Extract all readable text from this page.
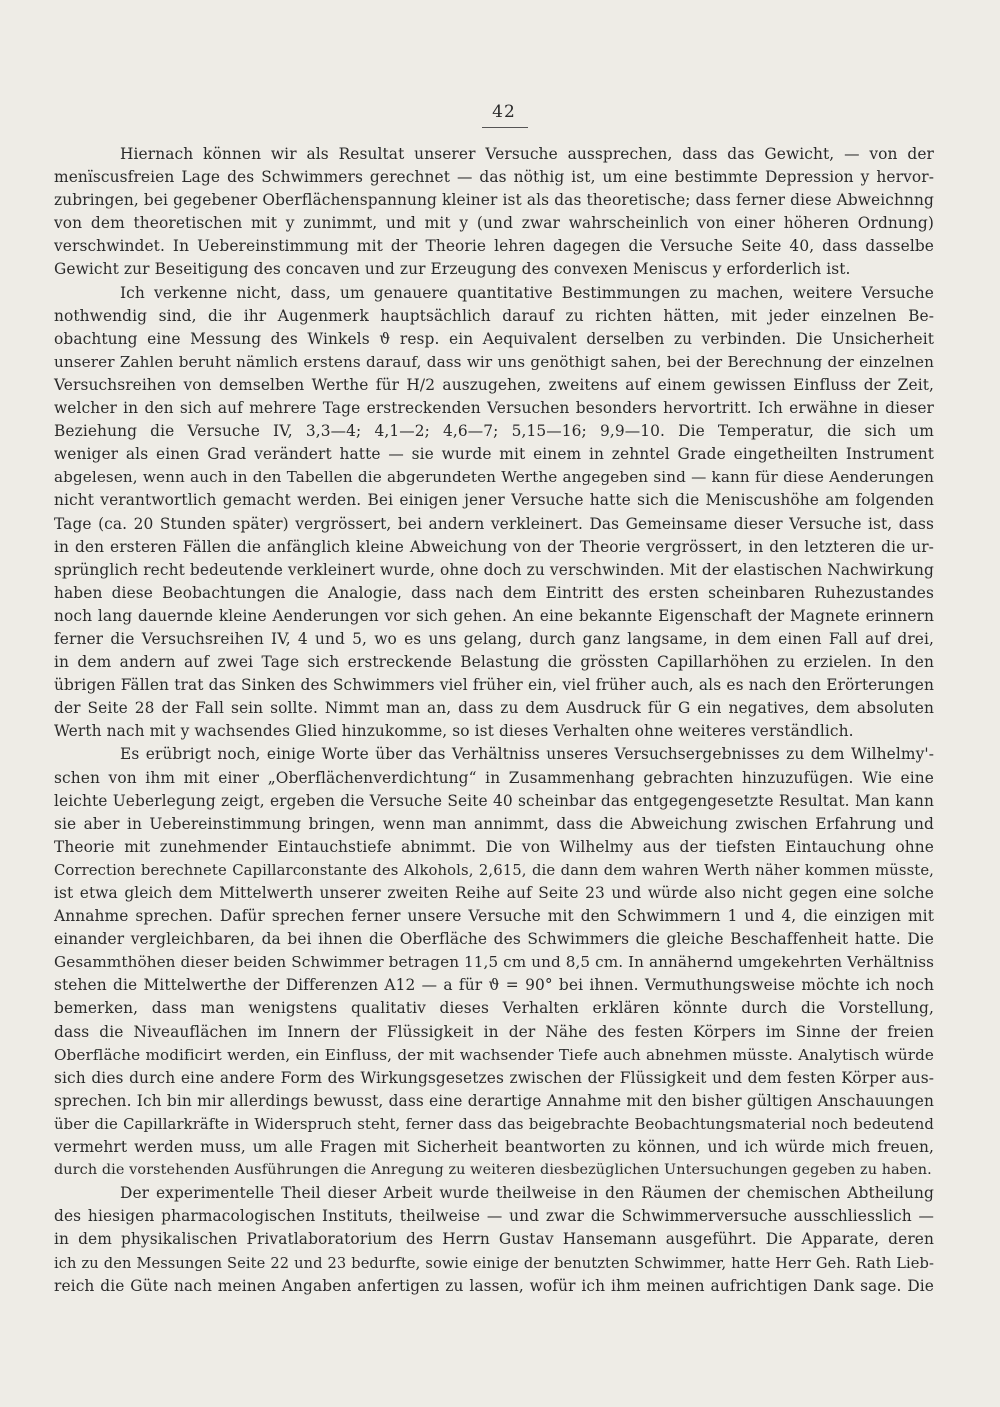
42
Hiernach können wir als Resultat unserer Versuche aussprechen, dass das Gewicht, — von der
menïscusfreien Lage des Schwimmers gerechnet — das nöthig ist, um eine bestimmte Depression y hervor-
zubringen, bei gegebener Oberflächenspannung kleiner ist als das theoretische; dass ferner diese Abweichnng
von dem theoretischen mit y zunimmt, und mit y (und zwar wahrscheinlich von einer höheren Ordnung)
verschwindet. In Uebereinstimmung mit der Theorie lehren dagegen die Versuche Seite 40, dass dasselbe
Gewicht zur Beseitigung des concaven und zur Erzeugung des convexen Meniscus y erforderlich ist.
Ich verkenne nicht, dass, um genauere quantitative Bestimmungen zu machen, weitere Versuche
nothwendig sind, die ihr Augenmerk hauptsächlich darauf zu richten hätten, mit jeder einzelnen Be-
obachtung eine Messung des Winkels ϑ resp. ein Aequivalent derselben zu verbinden. Die Unsicherheit
unserer Zahlen beruht nämlich erstens darauf, dass wir uns genöthigt sahen, bei der Berechnung der einzelnen
Versuchsreihen von demselben Werthe für H/2 auszugehen, zweitens auf einem gewissen Einfluss der Zeit,
welcher in den sich auf mehrere Tage erstreckenden Versuchen besonders hervortritt. Ich erwähne in dieser
Beziehung die Versuche IV, 3,3—4; 4,1—2; 4,6—7; 5,15—16; 9,9—10. Die Temperatur, die sich um
weniger als einen Grad verändert hatte — sie wurde mit einem in zehntel Grade eingetheilten Instrument
abgelesen, wenn auch in den Tabellen die abgerundeten Werthe angegeben sind — kann für diese Aenderungen
nicht verantwortlich gemacht werden. Bei einigen jener Versuche hatte sich die Meniscushöhe am folgenden
Tage (ca. 20 Stunden später) vergrössert, bei andern verkleinert. Das Gemeinsame dieser Versuche ist, dass
in den ersteren Fällen die anfänglich kleine Abweichung von der Theorie vergrössert, in den letzteren die ur-
sprünglich recht bedeutende verkleinert wurde, ohne doch zu verschwinden. Mit der elastischen Nachwirkung
haben diese Beobachtungen die Analogie, dass nach dem Eintritt des ersten scheinbaren Ruhezustandes
noch lang dauernde kleine Aenderungen vor sich gehen. An eine bekannte Eigenschaft der Magnete erinnern
ferner die Versuchsreihen IV, 4 und 5, wo es uns gelang, durch ganz langsame, in dem einen Fall auf drei,
in dem andern auf zwei Tage sich erstreckende Belastung die grössten Capillarhöhen zu erzielen. In den
übrigen Fällen trat das Sinken des Schwimmers viel früher ein, viel früher auch, als es nach den Erörterungen
der Seite 28 der Fall sein sollte. Nimmt man an, dass zu dem Ausdruck für G ein negatives, dem absoluten
Werth nach mit y wachsendes Glied hinzukomme, so ist dieses Verhalten ohne weiteres verständlich.
Es erübrigt noch, einige Worte über das Verhältniss unseres Versuchsergebnisses zu dem Wilhelmy'-
schen von ihm mit einer „Oberflächenverdichtung“ in Zusammenhang gebrachten hinzuzufügen. Wie eine
leichte Ueberlegung zeigt, ergeben die Versuche Seite 40 scheinbar das entgegengesetzte Resultat. Man kann
sie aber in Uebereinstimmung bringen, wenn man annimmt, dass die Abweichung zwischen Erfahrung und
Theorie mit zunehmender Eintauchstiefe abnimmt. Die von Wilhelmy aus der tiefsten Eintauchung ohne
Correction berechnete Capillarconstante des Alkohols, 2,615, die dann dem wahren Werth näher kommen müsste,
ist etwa gleich dem Mittelwerth unserer zweiten Reihe auf Seite 23 und würde also nicht gegen eine solche
Annahme sprechen. Dafür sprechen ferner unsere Versuche mit den Schwimmern 1 und 4, die einzigen mit
einander vergleichbaren, da bei ihnen die Oberfläche des Schwimmers die gleiche Beschaffenheit hatte. Die
Gesammthöhen dieser beiden Schwimmer betragen 11,5 cm und 8,5 cm. In annähernd umgekehrten Verhältniss
stehen die Mittelwerthe der Differenzen A12 — a für ϑ = 90° bei ihnen. Vermuthungsweise möchte ich noch
bemerken, dass man wenigstens qualitativ dieses Verhalten erklären könnte durch die Vorstellung,
dass die Niveauflächen im Innern der Flüssigkeit in der Nähe des festen Körpers im Sinne der freien
Oberfläche modificirt werden, ein Einfluss, der mit wachsender Tiefe auch abnehmen müsste. Analytisch würde
sich dies durch eine andere Form des Wirkungsgesetzes zwischen der Flüssigkeit und dem festen Körper aus-
sprechen. Ich bin mir allerdings bewusst, dass eine derartige Annahme mit den bisher gültigen Anschauungen
über die Capillarkräfte in Widerspruch steht, ferner dass das beigebrachte Beobachtungsmaterial noch bedeutend
vermehrt werden muss, um alle Fragen mit Sicherheit beantworten zu können, und ich würde mich freuen,
durch die vorstehenden Ausführungen die Anregung zu weiteren diesbezüglichen Untersuchungen gegeben zu haben.
Der experimentelle Theil dieser Arbeit wurde theilweise in den Räumen der chemischen Abtheilung
des hiesigen pharmacologischen Instituts, theilweise — und zwar die Schwimmerversuche ausschliesslich —
in dem physikalischen Privatlaboratorium des Herrn Gustav Hansemann ausgeführt. Die Apparate, deren
ich zu den Messungen Seite 22 und 23 bedurfte, sowie einige der benutzten Schwimmer, hatte Herr Geh. Rath Lieb-
reich die Güte nach meinen Angaben anfertigen zu lassen, wofür ich ihm meinen aufrichtigen Dank sage. Die
